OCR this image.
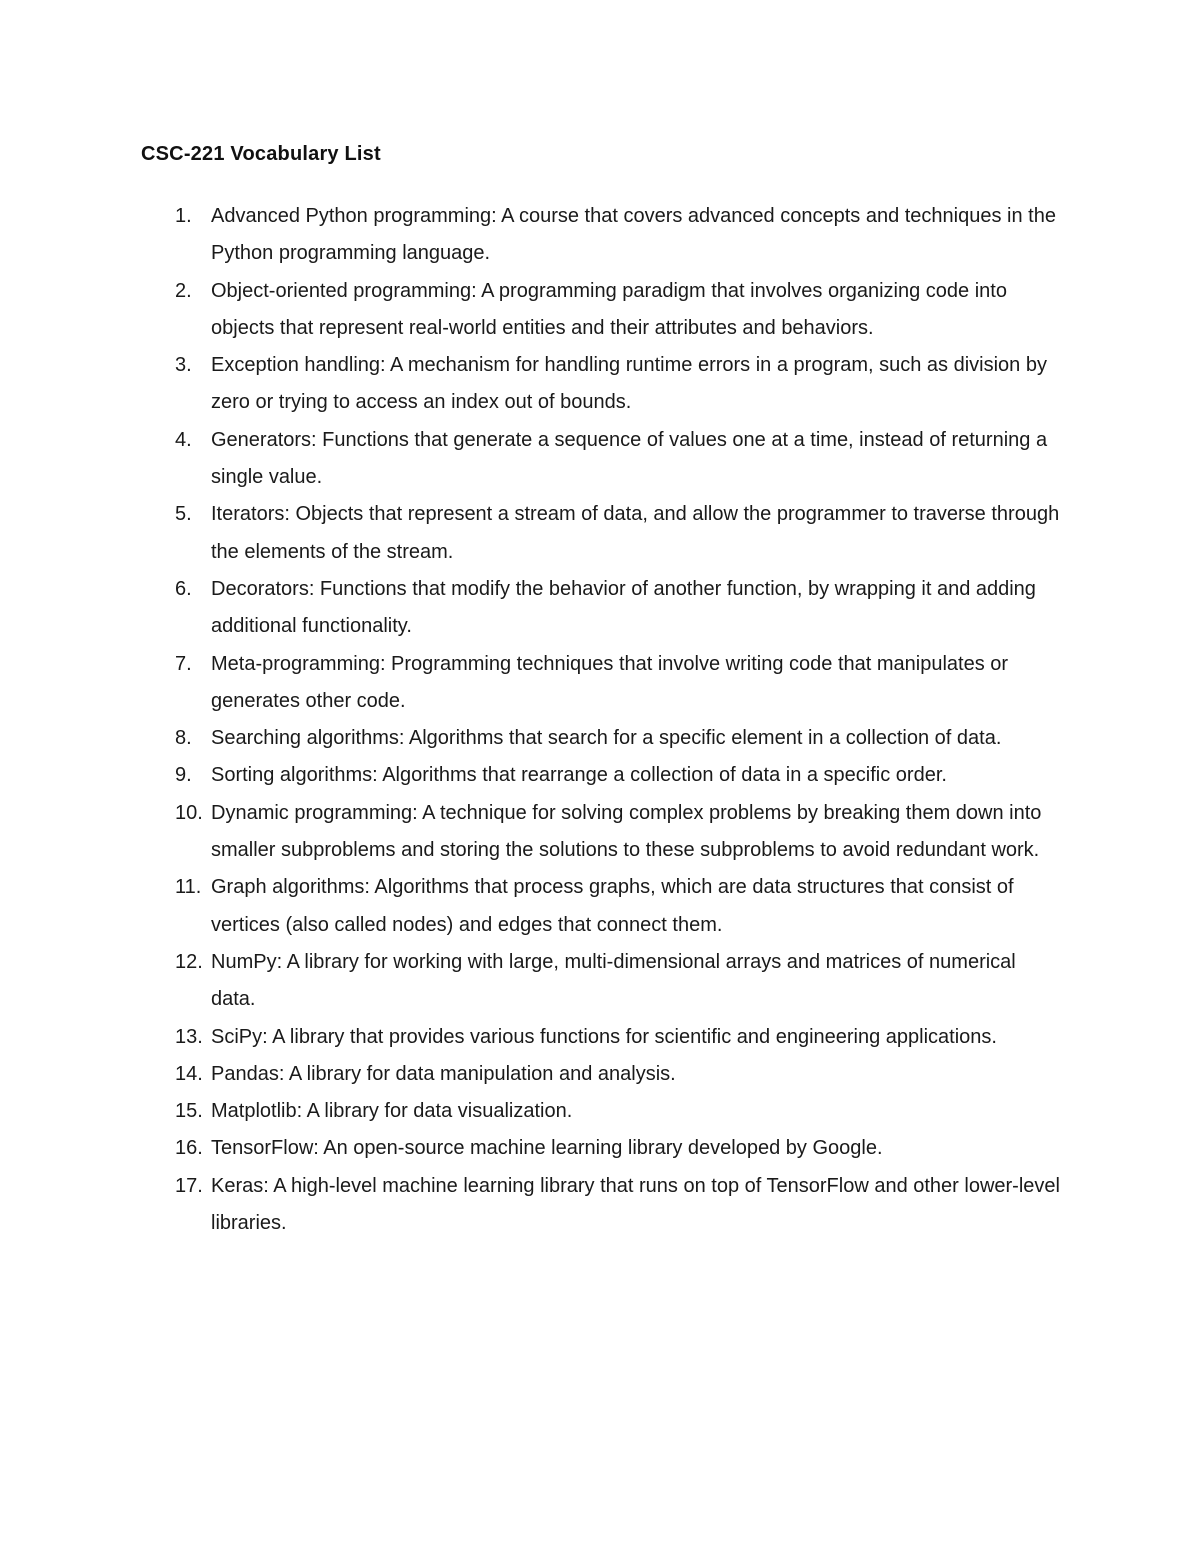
CSC-221 Vocabulary List
1. Advanced Python programming: A course that covers advanced concepts and techniques in the Python programming language.
2. Object-oriented programming: A programming paradigm that involves organizing code into objects that represent real-world entities and their attributes and behaviors.
3. Exception handling: A mechanism for handling runtime errors in a program, such as division by zero or trying to access an index out of bounds.
4. Generators: Functions that generate a sequence of values one at a time, instead of returning a single value.
5. Iterators: Objects that represent a stream of data, and allow the programmer to traverse through the elements of the stream.
6. Decorators: Functions that modify the behavior of another function, by wrapping it and adding additional functionality.
7. Meta-programming: Programming techniques that involve writing code that manipulates or generates other code.
8. Searching algorithms: Algorithms that search for a specific element in a collection of data.
9. Sorting algorithms: Algorithms that rearrange a collection of data in a specific order.
10. Dynamic programming: A technique for solving complex problems by breaking them down into smaller subproblems and storing the solutions to these subproblems to avoid redundant work.
11. Graph algorithms: Algorithms that process graphs, which are data structures that consist of vertices (also called nodes) and edges that connect them.
12. NumPy: A library for working with large, multi-dimensional arrays and matrices of numerical data.
13. SciPy: A library that provides various functions for scientific and engineering applications.
14. Pandas: A library for data manipulation and analysis.
15. Matplotlib: A library for data visualization.
16. TensorFlow: An open-source machine learning library developed by Google.
17. Keras: A high-level machine learning library that runs on top of TensorFlow and other lower-level libraries.
